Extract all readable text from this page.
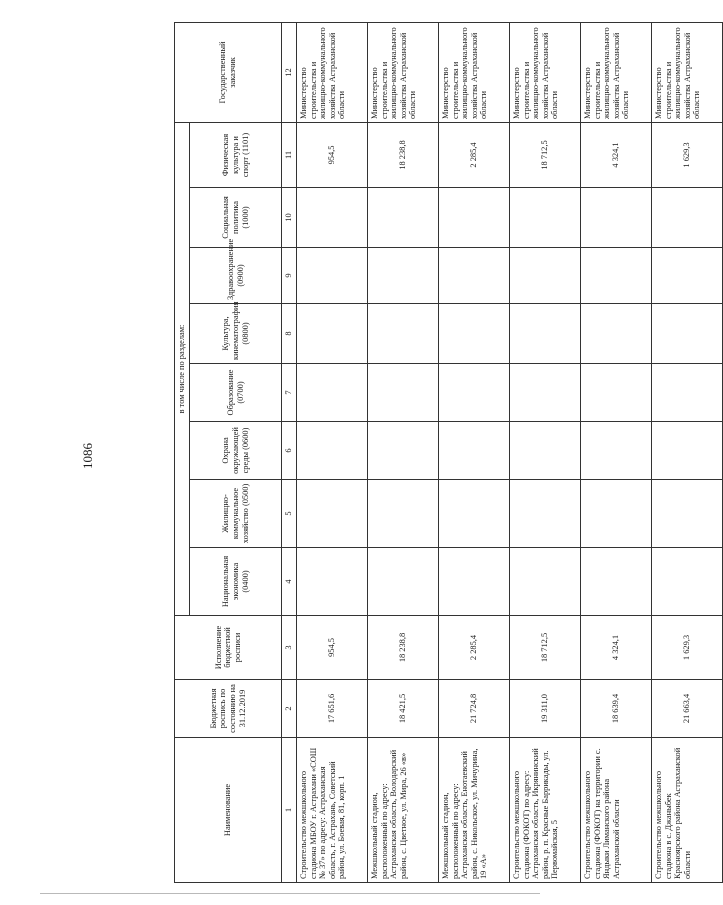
1086
Наименование	Бюджетная роспись по состоянию на 31.12.2019	Исполнение бюджетной росписи	в том числе по разделам:								Государственный заказчик
			Национальная экономика (0400)	Жилищно-коммунальное хозяйство (0500)	Охрана окружающей среды (0600)	Образование (0700)	Культура, кинематография (0800)	Здравоохранение (0900)	Социальная политика (1000)	Физическая культура и спорт (1101)	
1	2	3	4	5	6	7	8	9	10	11	12
Строительство межшкольного стадиона МБОУ г. Астрахани «СОШ № 37» по адресу: Астраханская область, г. Астрахань, Советский район, ул. Боевая, 81, корп. 1	17 651,6	954,5								954,5	Министерство строительства и жилищно-коммунального хозяйства Астраханской области
Межшкольный стадион, расположенный по адресу: Астраханская область, Володарский район, с. Цветное, ул. Мира, 26 «в»	18 421,5	18 238,8								18 238,8	Министерство строительства и жилищно-коммунального хозяйства Астраханской области
Межшкольный стадион, расположенный по адресу: Астраханская область, Енотаевский район, с. Никольское, ул. Мичурина, 19 «А»	21 724,8	2 285,4								2 285,4	Министерство строительства и жилищно-коммунального хозяйства Астраханской области
Строительство межшкольного стадиона (ФОКОТ) по адресу: Астраханская область, Икрянинский район, р. п. Красные Баррикады, ул. Первомайская, 5	19 311,0	18 712,5								18 712,5	Министерство строительства и жилищно-коммунального хозяйства Астраханской области
Строительство межшкольного стадиона (ФОКОТ) на территории с. Яндыки Лиманского района Астраханской области	18 639,4	4 324,1								4 324,1	Министерство строительства и жилищно-коммунального хозяйства Астраханской области
Строительство межшкольного стадиона в с. Джаныбек Красноярского района Астраханской области	21 663,4	1 629,3								1 629,3	Министерство строительства и жилищно-коммунального хозяйства Астраханской области
